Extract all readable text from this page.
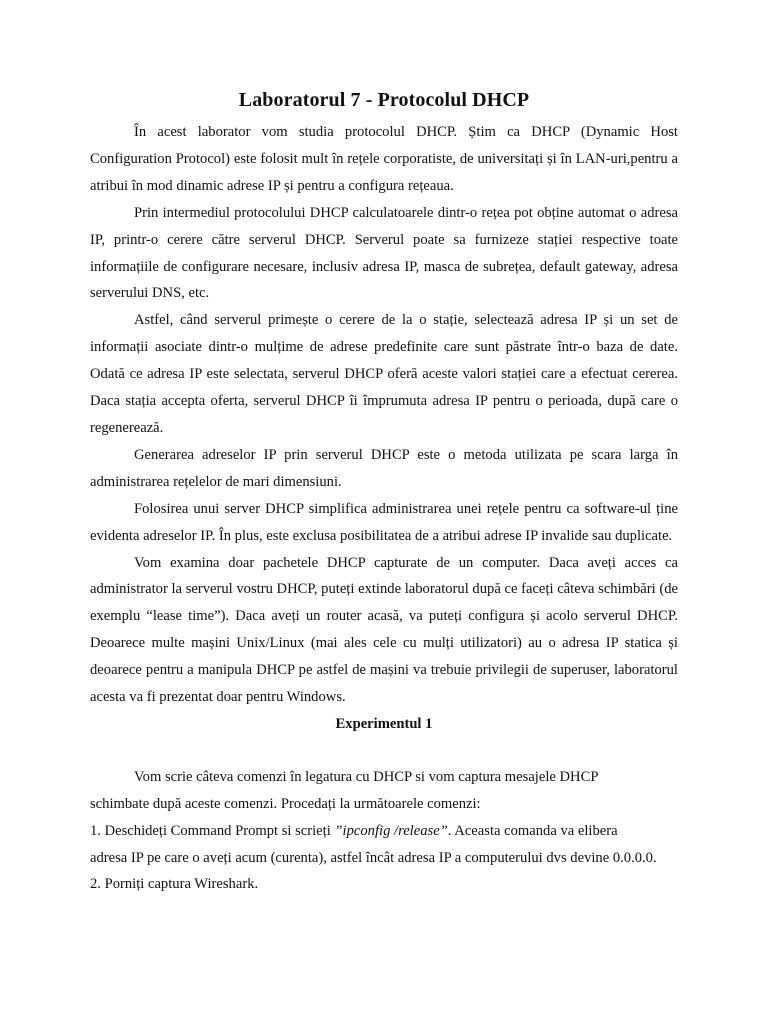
Laboratorul 7 - Protocolul DHCP

În acest laborator vom studia protocolul DHCP. Știm ca DHCP (Dynamic Host Configuration Protocol) este folosit mult în rețele corporatiste, de universitați și în LAN-uri,pentru a atribui în mod dinamic adrese IP și pentru a configura rețeaua.

Prin intermediul protocolului DHCP calculatoarele dintr-o rețea pot obține automat o adresa IP, printr-o cerere către serverul DHCP. Serverul poate sa furnizeze stației respective toate informațiile de configurare necesare, inclusiv adresa IP, masca de subrețea, default gateway, adresa serverului DNS, etc.

Astfel, când serverul primește o cerere de la o stație, selectează adresa IP și un set de informații asociate dintr-o mulțime de adrese predefinite care sunt păstrate într-o baza de date. Odată ce adresa IP este selectata, serverul DHCP oferă aceste valori stației care a efectuat cererea. Daca stația accepta oferta, serverul DHCP îi împrumuta adresa IP pentru o perioada, după care o regenerează.

Generarea adreselor IP prin serverul DHCP este o metoda utilizata pe scara larga în administrarea rețelelor de mari dimensiuni.

Folosirea unui server DHCP simplifica administrarea unei rețele pentru ca software-ul ține evidenta adreselor IP. În plus, este exclusa posibilitatea de a atribui adrese IP invalide sau duplicate.

Vom examina doar pachetele DHCP capturate de un computer. Daca aveți acces ca administrator la serverul vostru DHCP, puteți extinde laboratorul după ce faceți câteva schimbări (de exemplu “lease time”). Daca aveți un router acasă, va puteți configura și acolo serverul DHCP. Deoarece multe mașini Unix/Linux (mai ales cele cu mulți utilizatori) au o adresa IP statica și deoarece pentru a manipula DHCP pe astfel de mașini va trebuie privilegii de superuser, laboratorul acesta va fi prezentat doar pentru Windows.

Experimentul 1

Vom scrie câteva comenzi în legatura cu DHCP si vom captura mesajele DHCP

schimbate după aceste comenzi. Procedați la următoarele comenzi:

1. Deschideți Command Prompt si scrieți ”ipconfig /release”. Aceasta comanda va elibera

adresa IP pe care o aveți acum (curenta), astfel încât adresa IP a computerului dvs devine 0.0.0.0.

2. Porniți captura Wireshark.
